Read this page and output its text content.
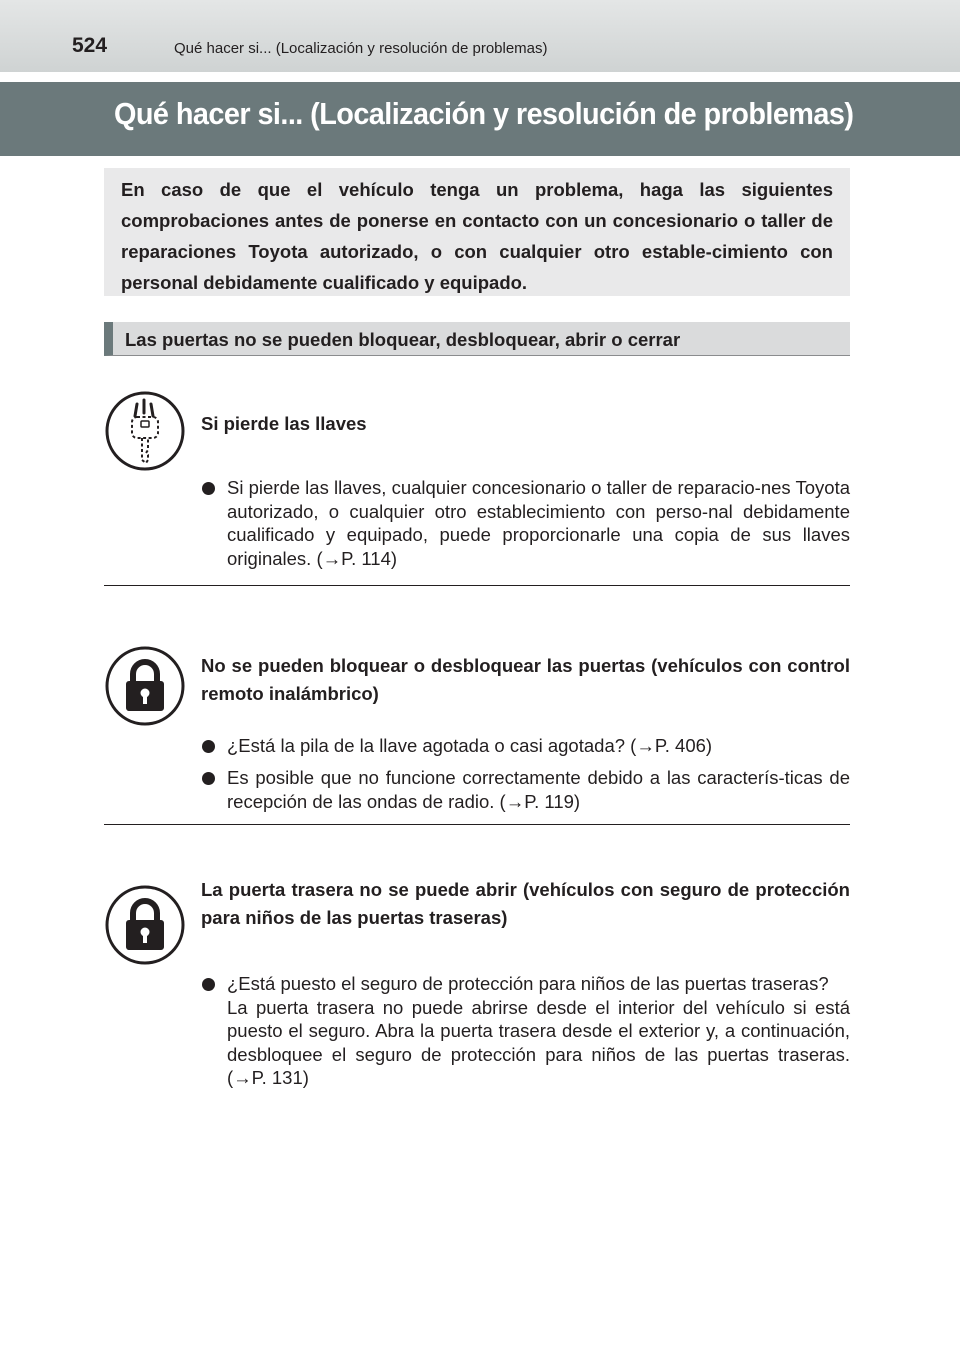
524	Qué hacer si... (Localización y resolución de problemas)
Qué hacer si... (Localización y resolución de problemas)

En caso de que el vehículo tenga un problema, haga las siguientes comprobaciones antes de ponerse en contacto con un concesionario o taller de reparaciones Toyota autorizado, o con cualquier otro estable-cimiento con personal debidamente cualificado y equipado.

Las puertas no se pueden bloquear, desbloquear, abrir o cerrar
Si pierde las llaves

Si pierde las llaves, cualquier concesionario o taller de reparacio-nes Toyota autorizado, o cualquier otro establecimiento con perso-nal debidamente cualificado y equipado, puede proporcionarle una copia de sus llaves originales. (→P. 114)

No se pueden bloquear o desbloquear las puertas (vehículos con control remoto inalámbrico)

¿Está la pila de la llave agotada o casi agotada? (→P. 406)

Es posible que no funcione correctamente debido a las caracterís-ticas de recepción de las ondas de radio. (→P. 119)

La puerta trasera no se puede abrir (vehículos con seguro de protección para niños de las puertas traseras)

¿Está puesto el seguro de protección para niños de las puertas traseras?
La puerta trasera no puede abrirse desde el interior del vehículo si está puesto el seguro. Abra la puerta trasera desde el exterior y, a continuación, desbloquee el seguro de protección para niños de las puertas traseras. (→P. 131)
